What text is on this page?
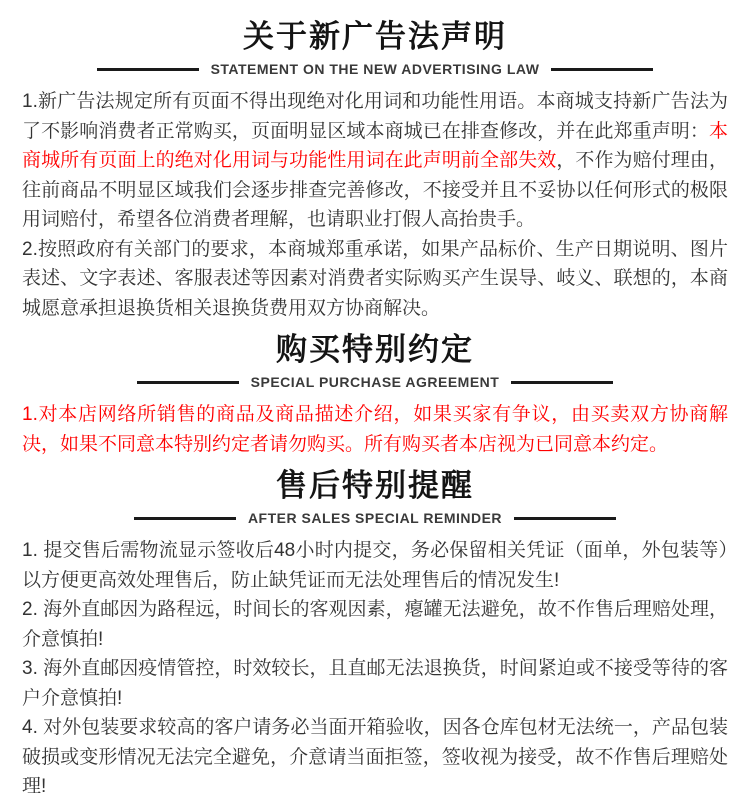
关于新广告法声明
STATEMENT ON THE NEW ADVERTISING LAW

1.新广告法规定所有页面不得出现绝对化用词和功能性用语。本商城支持新广告法为了不影响消费者正常购买，页面明显区域本商城已在排查修改，并在此郑重声明：本商城所有页面上的绝对化用词与功能性用词在此声明前全部失效，不作为赔付理由，往前商品不明显区域我们会逐步排查完善修改，不接受并且不妥协以任何形式的极限用词赔付，希望各位消费者理解，也请职业打假人高抬贵手。

2.按照政府有关部门的要求，本商城郑重承诺，如果产品标价、生产日期说明、图片表述、文字表述、客服表述等因素对消费者实际购买产生误导、岐义、联想的，本商城愿意承担退换货相关退换货费用双方协商解决。

购买特别约定
SPECIAL PURCHASE AGREEMENT

1.对本店网络所销售的商品及商品描述介绍，如果买家有争议，由买卖双方协商解决，如果不同意本特别约定者请勿购买。所有购买者本店视为已同意本约定。

售后特别提醒
AFTER SALES SPECIAL REMINDER

1. 提交售后需物流显示签收后48小时内提交，务必保留相关凭证（面单，外包装等）以方便更高效处理售后，防止缺凭证而无法处理售后的情况发生!

2. 海外直邮因为路程远，时间长的客观因素，瘪罐无法避免，故不作售后理赔处理，介意慎拍!

3. 海外直邮因疫情管控，时效较长，且直邮无法退换货，时间紧迫或不接受等待的客户介意慎拍!

4. 对外包装要求较高的客户请务必当面开箱验收，因各仓库包材无法统一，产品包装破损或变形情况无法完全避免，介意请当面拒签，签收视为接受，故不作售后理赔处理!
